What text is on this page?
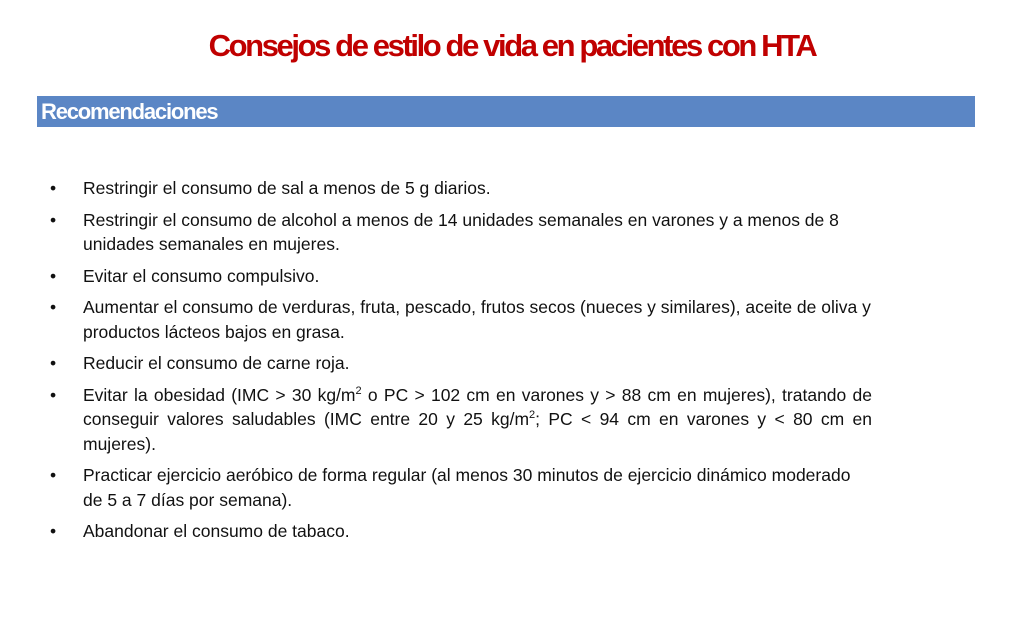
Consejos de estilo de vida en pacientes con HTA
Recomendaciones
• Restringir el consumo de sal a menos de 5 g diarios.
• Restringir el consumo de alcohol a menos de 14 unidades semanales en varones y a menos de 8 unidades semanales en mujeres.
• Evitar el consumo compulsivo.
• Aumentar el consumo de verduras, fruta, pescado, frutos secos (nueces y similares), aceite de oliva y productos lácteos bajos en grasa.
• Reducir el consumo de carne roja.
• Evitar la obesidad (IMC > 30 $kg/m^2$ o PC > 102 cm en varones y > 88 cm en mujeres), tratando de conseguir valores saludables (IMC entre 20 y 25 $kg/m^2$; PC < 94 cm en varones y < 80 cm en mujeres).
• Practicar ejercicio aeróbico de forma regular (al menos 30 minutos de ejercicio dinámico moderado de 5 a 7 días por semana).
• Abandonar el consumo de tabaco.
